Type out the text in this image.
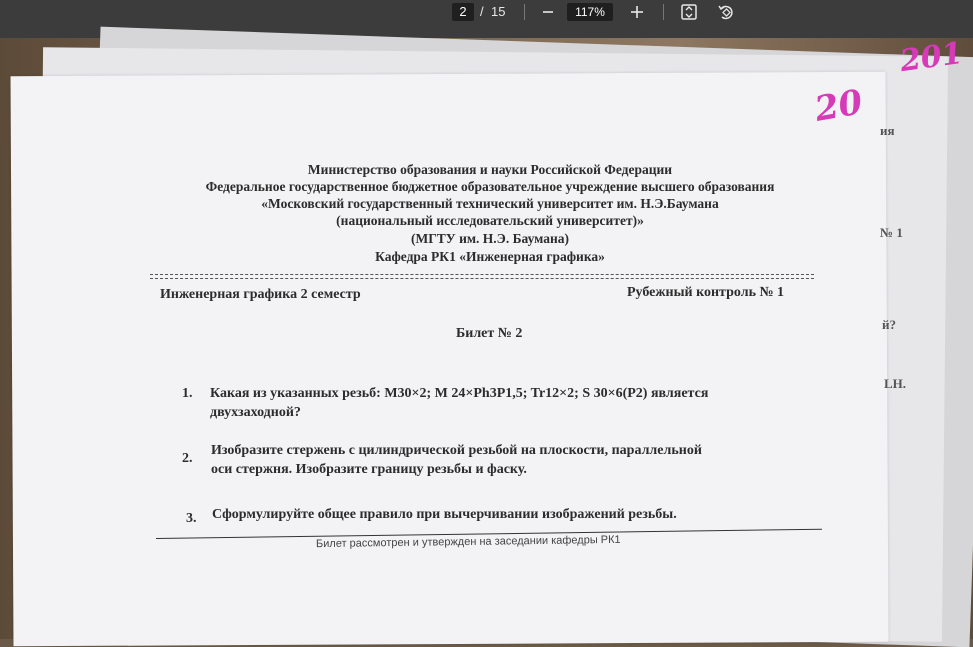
2	/ 15	117%
201
20
ия
№ 1
й?
LH.
Министерство образования и науки Российской Федерации
Федеральное государственное бюджетное образовательное учреждение высшего образования
«Московский государственный технический университет им. Н.Э.Баумана
(национальный исследовательский университет)»
(МГТУ им. Н.Э. Баумана)
Кафедра РК1 «Инженерная графика»
Инженерная графика 2 семестр	Рубежный контроль № 1
Билет № 2
1. Какая из указанных резьб: М30×2; М 24×Ph3P1,5; Tr12×2; S 30×6(P2) является
двухзаходной?
2.
Изобразите стержень с цилиндрической резьбой на плоскости, параллельной
оси стержня. Изобразите границу резьбы и фаску.
3. Сформулируйте общее правило при вычерчивании изображений резьбы.
Билет рассмотрен и утвержден на заседании кафедры РК1
